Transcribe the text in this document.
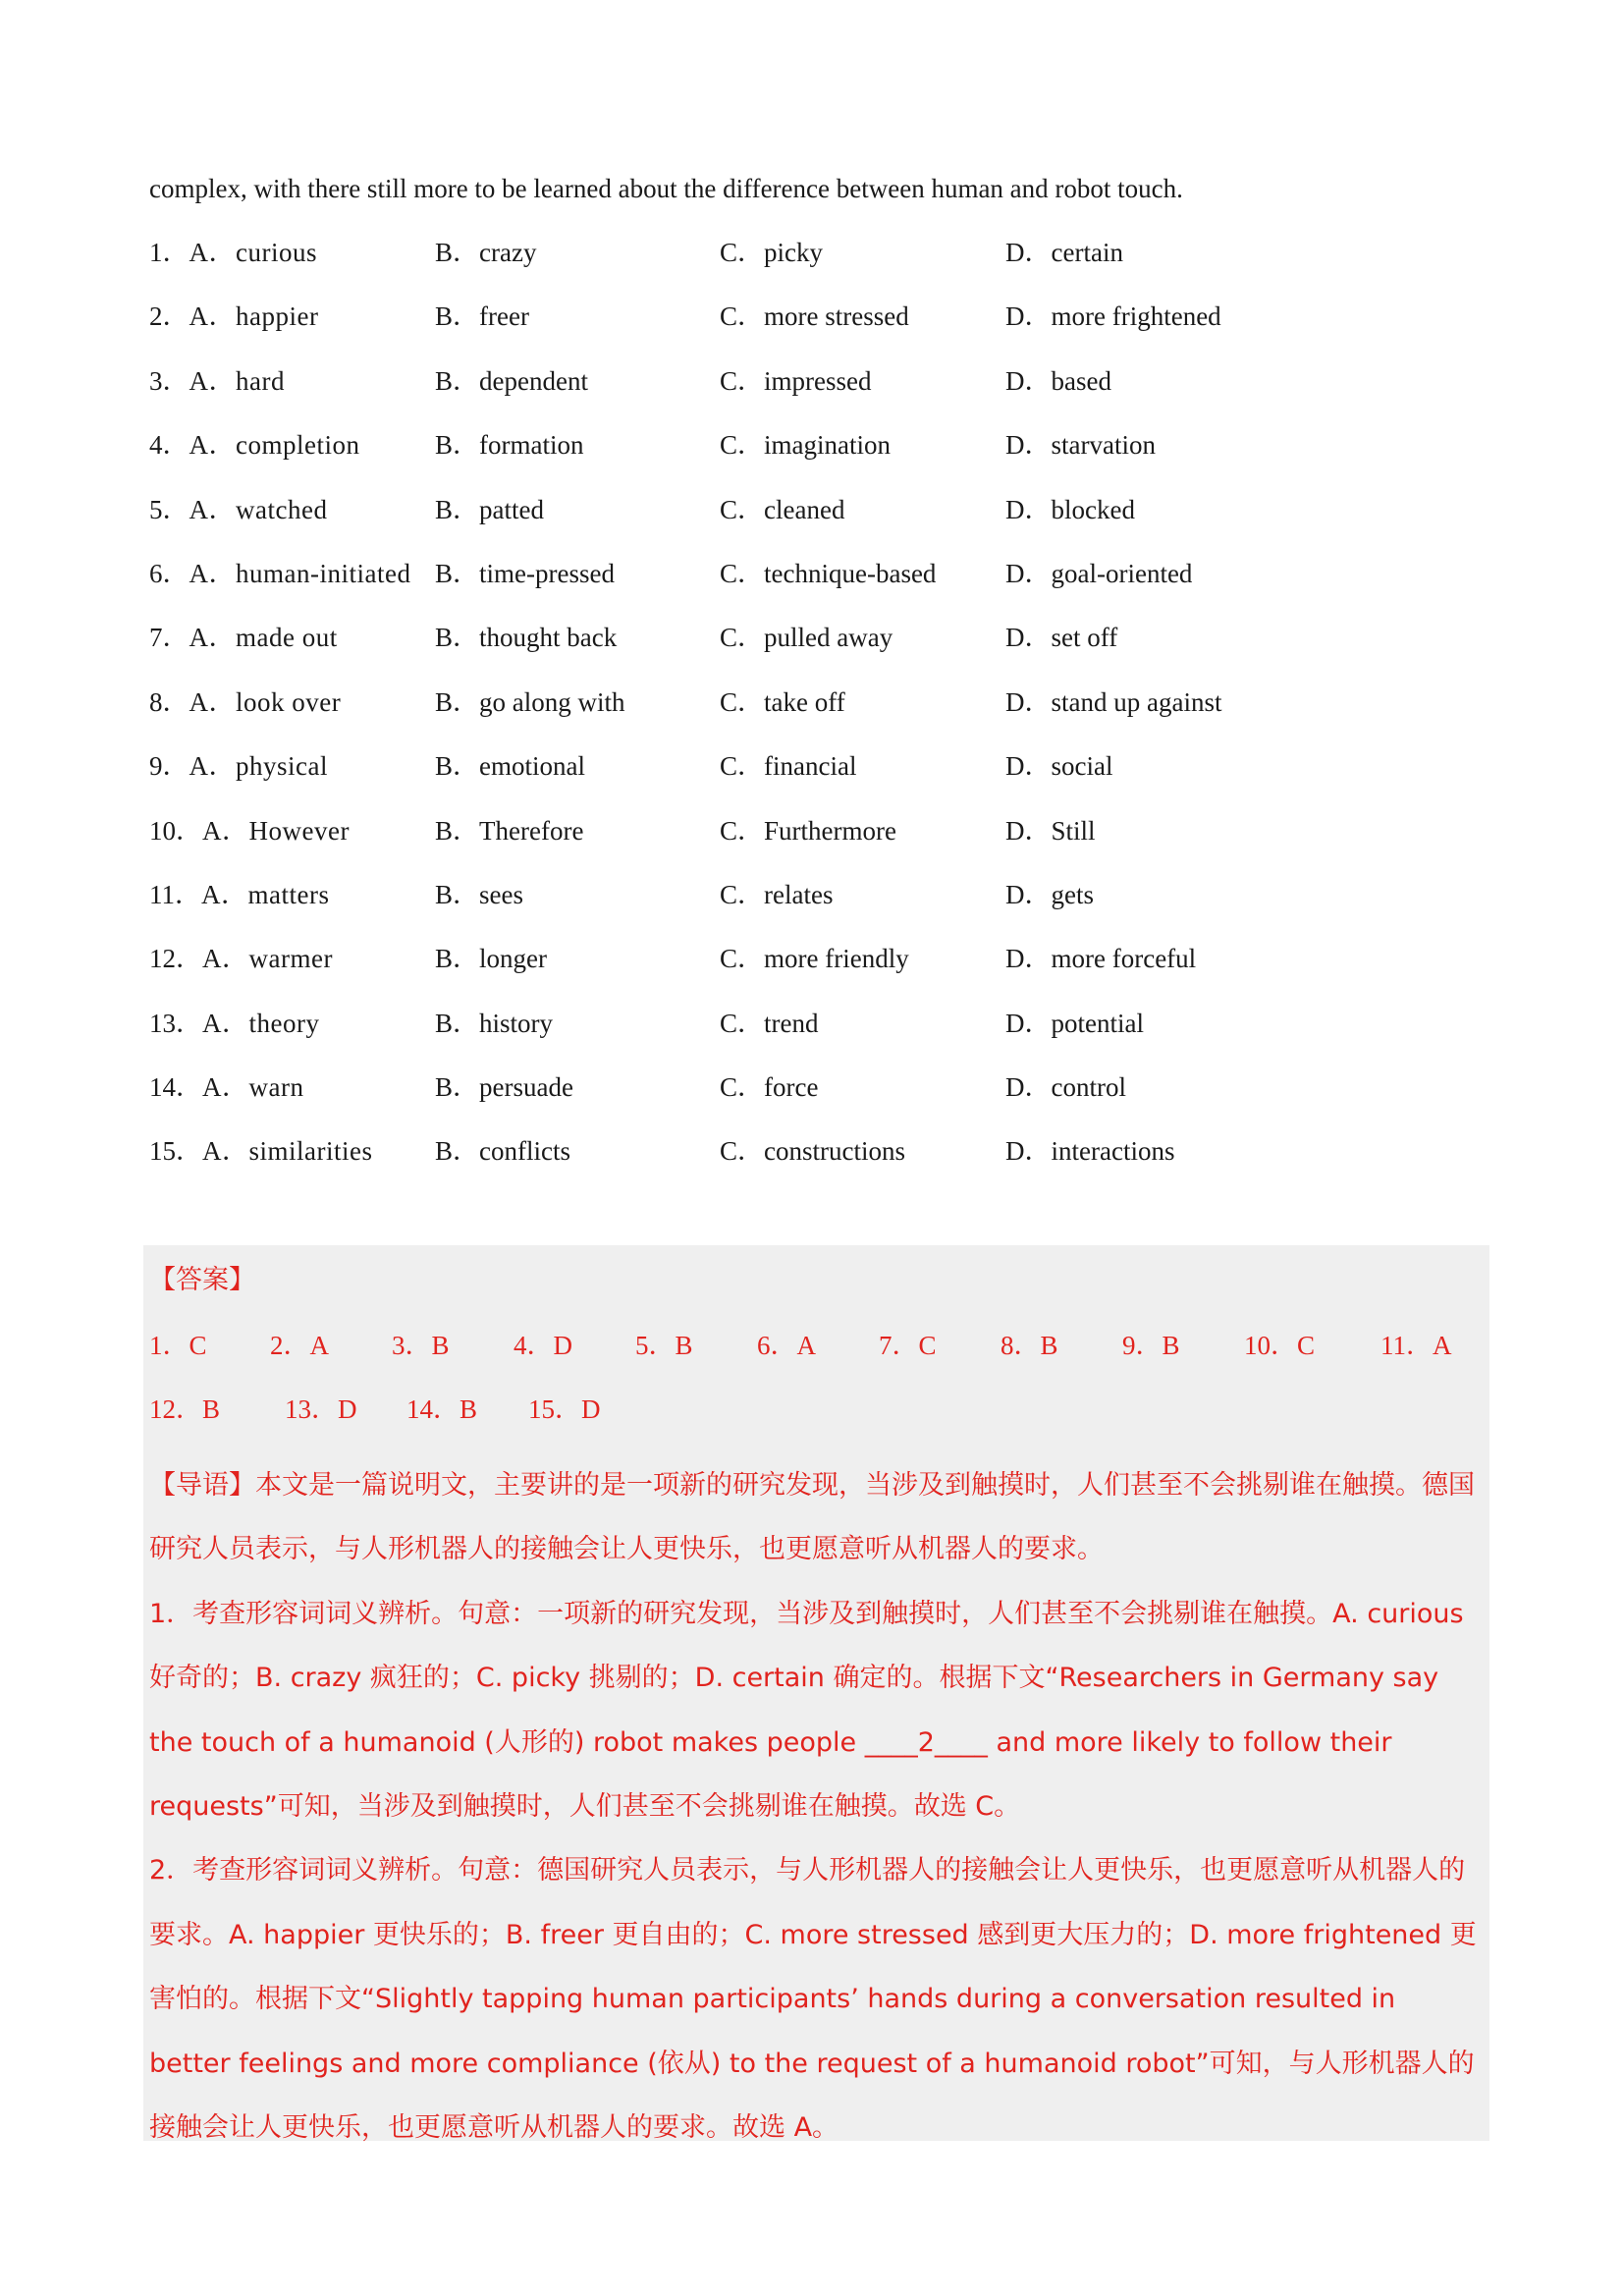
complex, with there still more to be learned about the difference between human and robot touch.
1．A．curious	B．crazy	C．picky	D．certain
2．A．happier	B．freer	C．more stressed	D．more frightened
3．A．hard	B．dependent	C．impressed	D．based
4．A．completion	B．formation	C．imagination	D．starvation
5．A．watched	B．patted	C．cleaned	D．blocked
6．A．human-initiated B．time-pressed	C．technique-based	D．goal-oriented
7．A．made out	B．thought back	C．pulled away	D．set off
8．A．look over	B．go along with	C．take off	D．stand up against
9．A．physical	B．emotional	C．financial	D．social
10．A．However	B．Therefore	C．Furthermore	D．Still
11．A．matters	B．sees	C．relates	D．gets
12．A．warmer	B．longer	C．more friendly	D．more forceful
13．A．theory	B．history	C．trend	D．potential
14．A．warn	B．persuade	C．force	D．control
15．A．similarities	B．conflicts	C．constructions	D．interactions
【答案】
1．C 2．A 3．B 4．D 5．B 6．A 7．C 8．B 9．B 10．C 11．A
12．B 13．D 14．B 15．D

【导语】本文是一篇说明文，主要讲的是一项新的研究发现，当涉及到触摸时，人们甚至不会挑剔谁在触摸。德国研究人员表示，与人形机器人的接触会让人更快乐，也更愿意听从机器人的要求。

1．考查形容词词义辨析。句意：一项新的研究发现，当涉及到触摸时，人们甚至不会挑剔谁在触摸。A. curious 好奇的；B. crazy 疯狂的；C. picky 挑剔的；D. certain 确定的。根据下文“Researchers in Germany say the touch of a humanoid (人形的) robot makes people ____2____ and more likely to follow their requests”可知，当涉及到触摸时，人们甚至不会挑剔谁在触摸。故选 C。

2．考查形容词词义辨析。句意：德国研究人员表示，与人形机器人的接触会让人更快乐，也更愿意听从机器人的要求。A. happier 更快乐的；B. freer 更自由的；C. more stressed 感到更大压力的；D. more frightened 更害怕的。根据下文“Slightly tapping human participants’ hands during a conversation resulted in better feelings and more compliance (依从) to the request of a humanoid robot”可知，与人形机器人的接触会让人更快乐，也更愿意听从机器人的要求。故选 A。
